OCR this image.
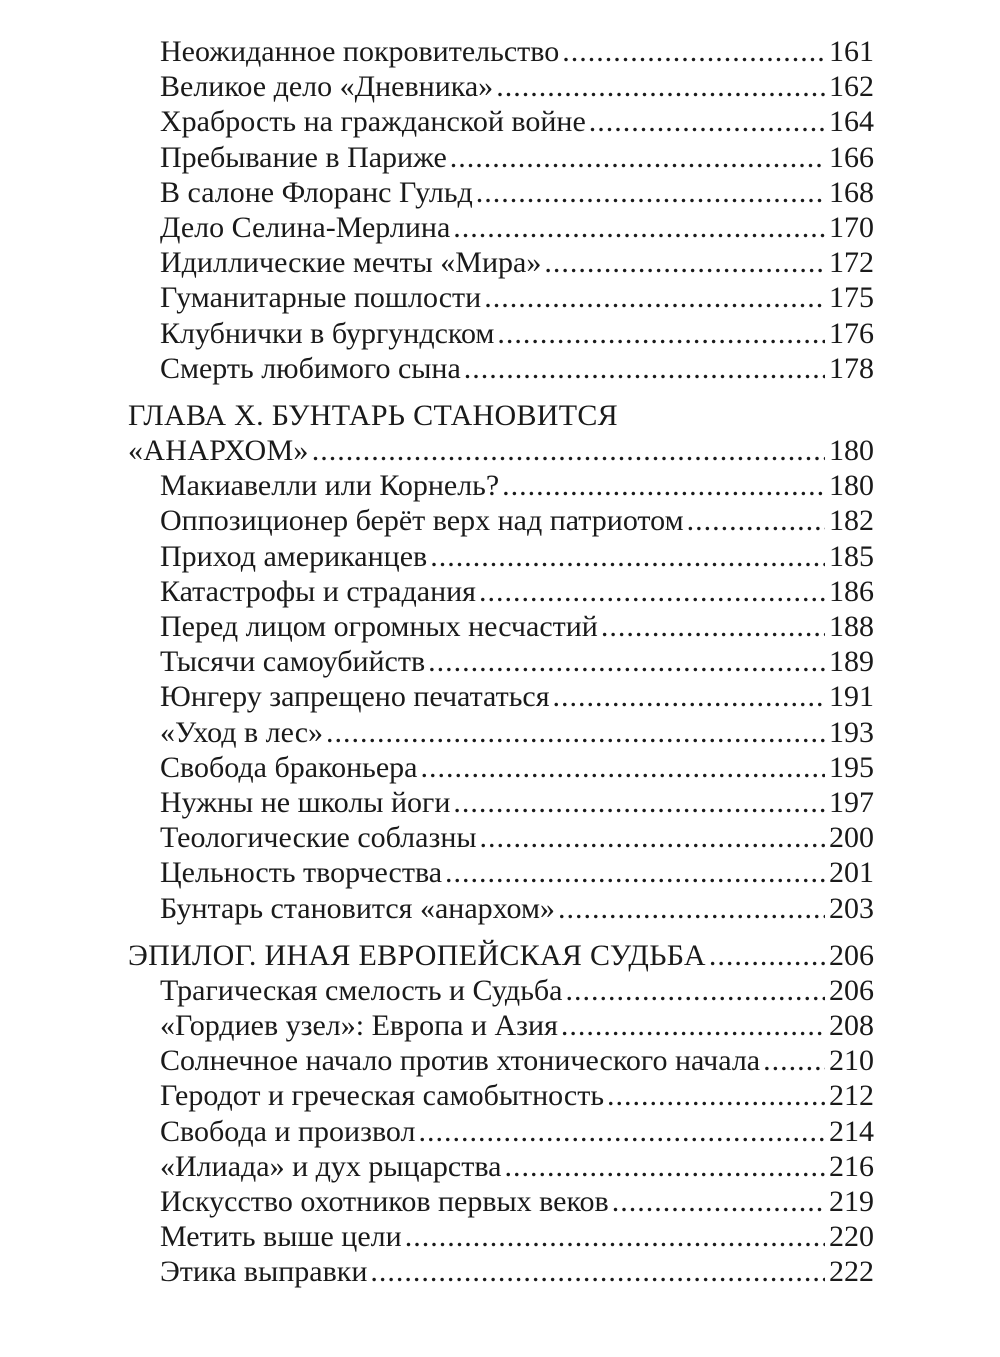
Неожиданное покровительство .....	161
Великое дело «Дневника» .....	162
Храбрость на гражданской войне .....	164
Пребывание в Париже .....	166
В салоне Флоранс Гульд .....	168
Дело Селина-Мерлина .....	170
Идиллические мечты «Мира» .....	172
Гуманитарные пошлости .....	175
Клубнички в бургундском .....	176
Смерть любимого сына .....	178
ГЛАВА X. БУНТАРЬ СТАНОВИТСЯ
«АНАРХОМ» .....	180
Макиавелли или Корнель? .....	180
Оппозиционер берёт верх над патриотом .....	182
Приход американцев .....	185
Катастрофы и страдания .....	186
Перед лицом огромных несчастий .....	188
Тысячи самоубийств .....	189
Юнгеру запрещено печататься .....	191
«Уход в лес» .....	193
Свобода браконьера .....	195
Нужны не школы йоги .....	197
Теологические соблазны .....	200
Цельность творчества .....	201
Бунтарь становится «анархом» .....	203
ЭПИЛОГ. ИНАЯ ЕВРОПЕЙСКАЯ СУДЬБА .....	206
Трагическая смелость и Судьба .....	206
«Гордиев узел»: Европа и Азия .....	208
Солнечное начало против хтонического начала ..... 210
Геродот и греческая самобытность .....	212
Свобода и произвол .....	214
«Илиада» и дух рыцарства .....	216
Искусство охотников первых веков .....	219
Метить выше цели .....	220
Этика выправки .....	222
